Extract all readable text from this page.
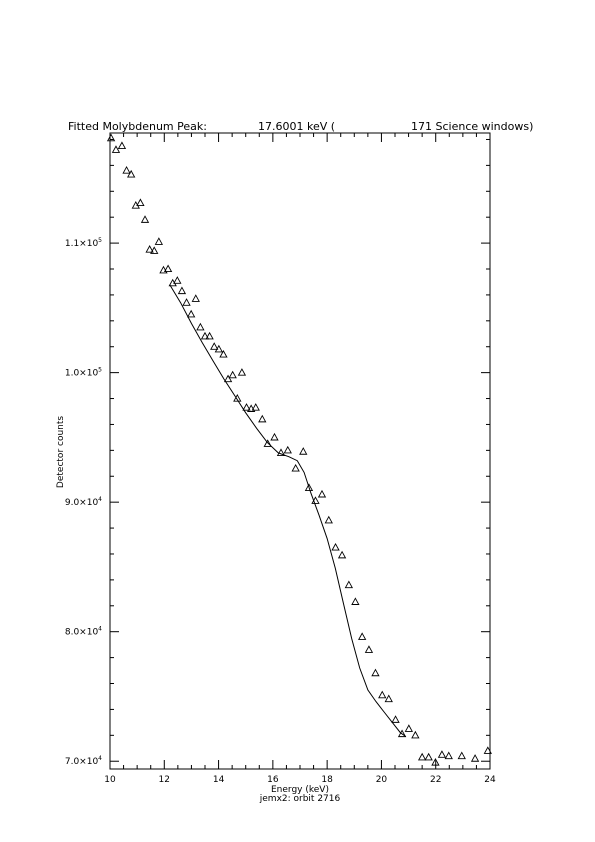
Fitted Molybdenum Peak:	17.6001 keV (	171 Science windows)
Energy (keV)
jemx2: orbit 2716
Detector counts
10	12	14	16	18	20	22	24
$7.0\times 10^4$
$8.0\times 10^4$
$9.0\times 10^4$
$1.0\times 10^5$
$1.1\times 10^5$
